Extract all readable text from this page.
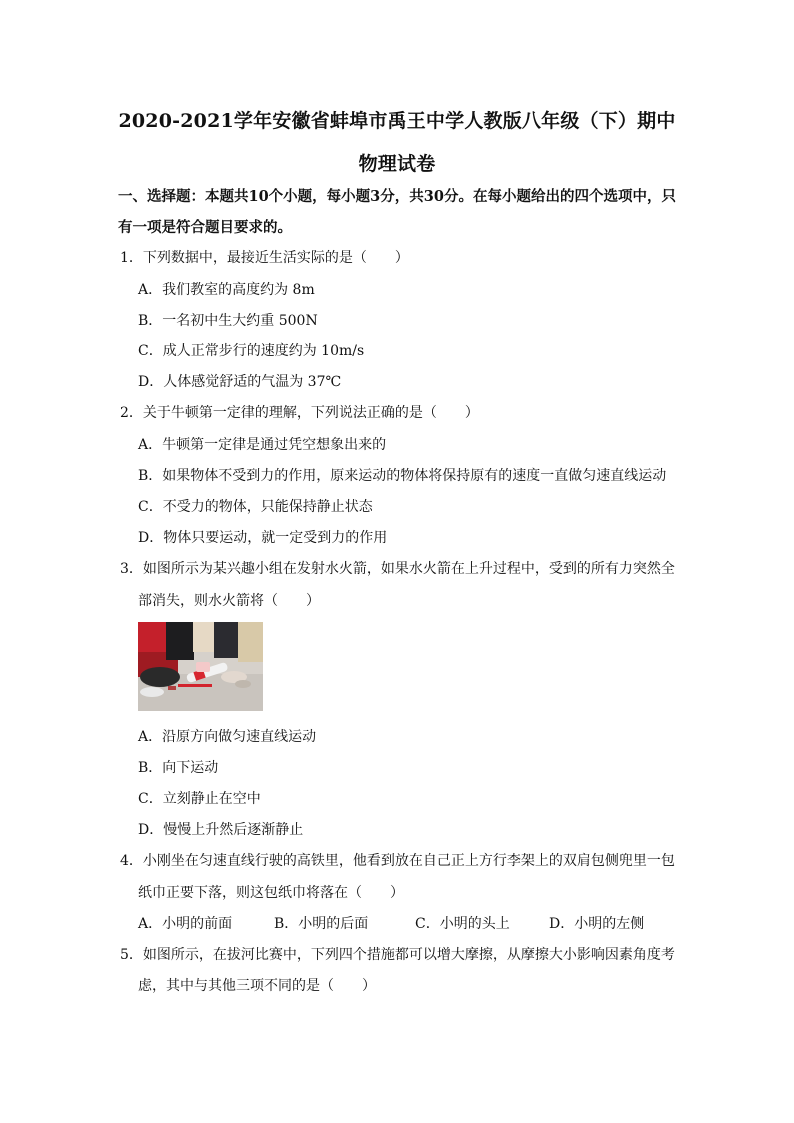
2020-2021学年安徽省蚌埠市禹王中学人教版八年级（下）期中
物理试卷
一、选择题：本题共10个小题，每小题3分，共30分。在每小题给出的四个选项中，只有一项是符合题目要求的。
1．下列数据中，最接近生活实际的是（　　）
A．我们教室的高度约为 8m
B．一名初中生大约重 500N
C．成人正常步行的速度约为 10m/s
D．人体感觉舒适的气温为 37℃
2．关于牛顿第一定律的理解，下列说法正确的是（　　）
A．牛顿第一定律是通过凭空想象出来的
B．如果物体不受到力的作用，原来运动的物体将保持原有的速度一直做匀速直线运动
C．不受力的物体，只能保持静止状态
D．物体只要运动，就一定受到力的作用
3．如图所示为某兴趣小组在发射水火箭，如果水火箭在上升过程中，受到的所有力突然全
部消失，则水火箭将（　　）
A．沿原方向做匀速直线运动
B．向下运动
C．立刻静止在空中
D．慢慢上升然后逐渐静止
4．小刚坐在匀速直线行驶的高铁里，他看到放在自己正上方行李架上的双肩包侧兜里一包
纸巾正要下落，则这包纸巾将落在（　　）
A．小明的前面	B．小明的后面	C．小明的头上	D．小明的左侧
5．如图所示，在拔河比赛中，下列四个措施都可以增大摩擦，从摩擦大小影响因素角度考
虑，其中与其他三项不同的是（　　）
